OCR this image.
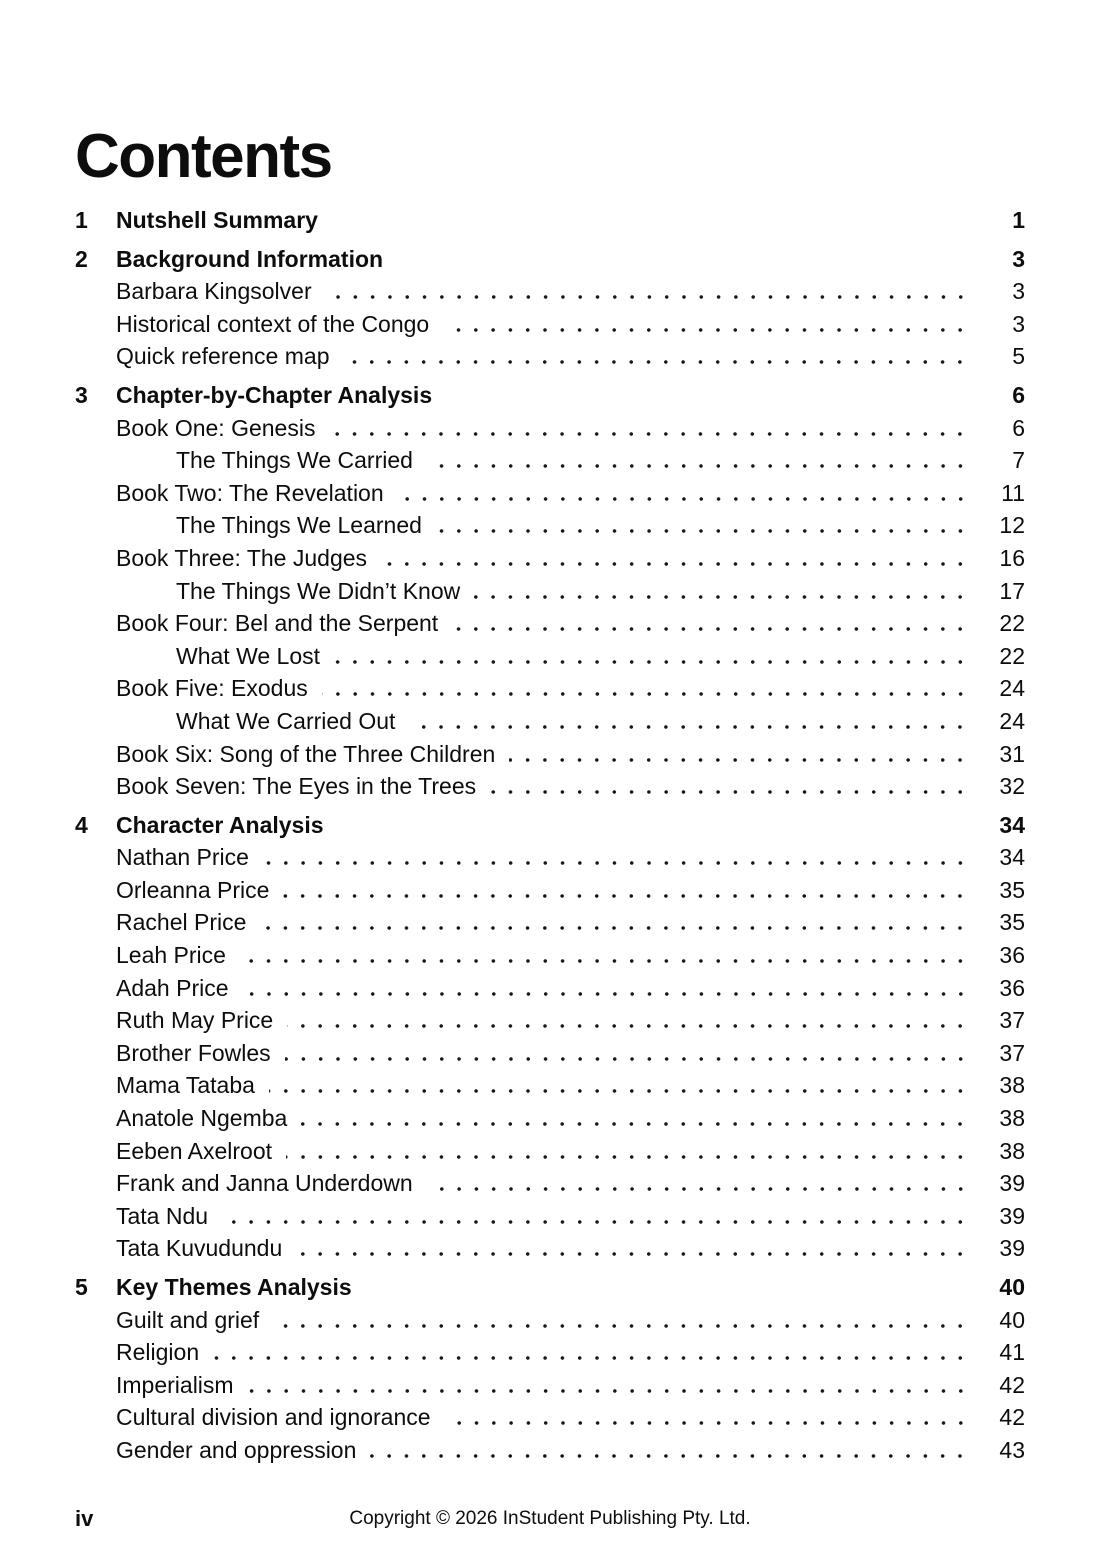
Contents
1	Nutshell Summary	1
2	Background Information	3
Barbara Kingsolver	3
Historical context of the Congo	3
Quick reference map	5
3	Chapter-by-Chapter Analysis	6
Book One: Genesis	6
The Things We Carried	7
Book Two: The Revelation	11
The Things We Learned	12
Book Three: The Judges	16
The Things We Didn’t Know	17
Book Four: Bel and the Serpent	22
What We Lost	22
Book Five: Exodus	24
What We Carried Out	24
Book Six: Song of the Three Children	31
Book Seven: The Eyes in the Trees	32
4	Character Analysis	34
Nathan Price	34
Orleanna Price	35
Rachel Price	35
Leah Price	36
Adah Price	36
Ruth May Price	37
Brother Fowles	37
Mama Tataba	38
Anatole Ngemba	38
Eeben Axelroot	38
Frank and Janna Underdown	39
Tata Ndu	39
Tata Kuvudundu	39
5	Key Themes Analysis	40
Guilt and grief	40
Religion	41
Imperialism	42
Cultural division and ignorance	42
Gender and oppression	43
iv	Copyright © 2026 InStudent Publishing Pty. Ltd.
